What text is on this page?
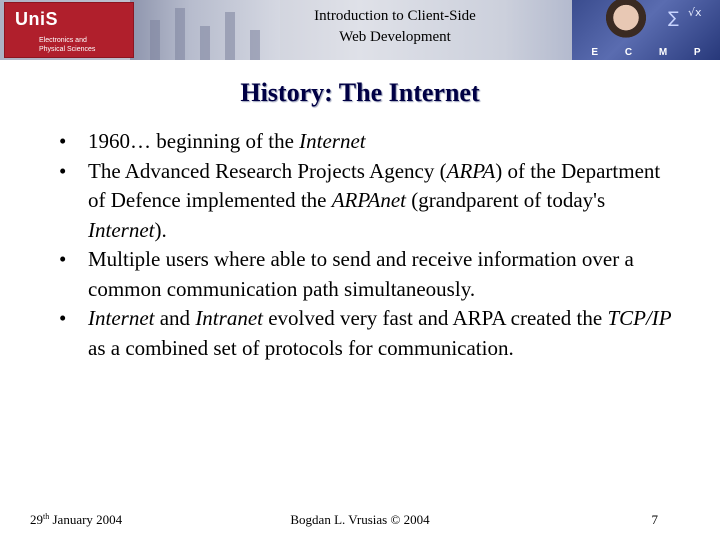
UniS
Electronics and
Physical Sciences
Introduction to Client-Side
Web Development
∑ √x
E	C	M	P
History: The Internet
• 1960… beginning of the Internet
• The Advanced Research Projects Agency (ARPA) of the Department of Defence implemented the ARPAnet (grandparent of today's Internet).
• Multiple users where able to send and receive information over a common communication path simultaneously.
• Internet and Intranet evolved very fast and ARPA created the TCP/IP as a combined set of protocols for communication.
29th January 2004	Bogdan L. Vrusias © 2004	7
